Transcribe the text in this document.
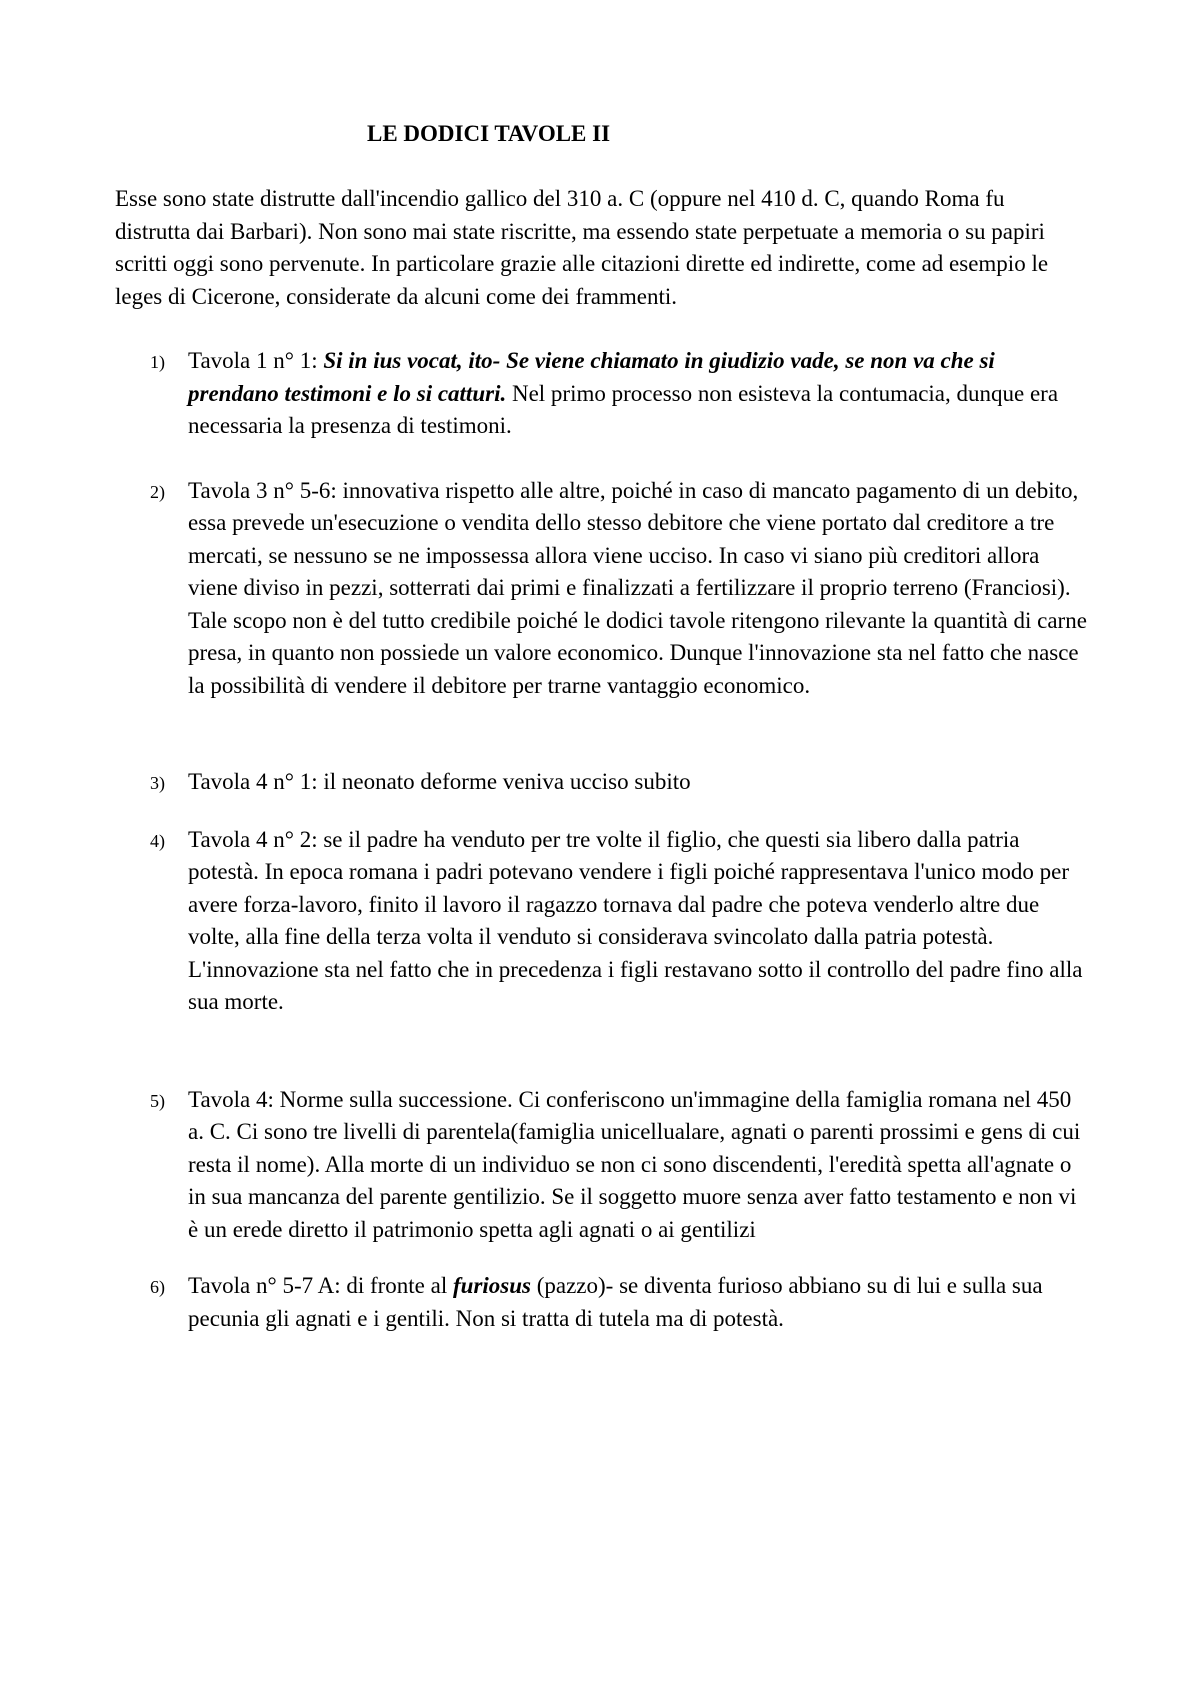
LE DODICI TAVOLE II

Esse sono state distrutte dall'incendio gallico del 310 a. C (oppure nel 410 d. C, quando Roma fu distrutta dai Barbari). Non sono mai state riscritte, ma essendo state perpetuate a memoria o su papiri scritti oggi sono pervenute. In particolare grazie alle citazioni dirette ed indirette, come ad esempio le leges di Cicerone, considerate da alcuni come dei frammenti.

1) Tavola 1 n° 1: Si in ius vocat, ito- Se viene chiamato in giudizio vade, se non va che si prendano testimoni e lo si catturi. Nel primo processo non esisteva la contumacia, dunque era necessaria la presenza di testimoni.
2) Tavola 3 n° 5-6: innovativa rispetto alle altre, poiché in caso di mancato pagamento di un debito, essa prevede un'esecuzione o vendita dello stesso debitore che viene portato dal creditore a tre mercati, se nessuno se ne impossessa allora viene ucciso. In caso vi siano più creditori allora viene diviso in pezzi, sotterrati dai primi e finalizzati a fertilizzare il proprio terreno (Franciosi). Tale scopo non è del tutto credibile poiché le dodici tavole ritengono rilevante la quantità di carne presa, in quanto non possiede un valore economico. Dunque l'innovazione sta nel fatto che nasce la possibilità di vendere il debitore per trarne vantaggio economico.
3) Tavola 4 n° 1: il neonato deforme veniva ucciso subito
4) Tavola 4 n° 2: se il padre ha venduto per tre volte il figlio, che questi sia libero dalla patria potestà. In epoca romana i padri potevano vendere i figli poiché rappresentava l'unico modo per avere forza-lavoro, finito il lavoro il ragazzo tornava dal padre che poteva venderlo altre due volte, alla fine della terza volta il venduto si considerava svincolato dalla patria potestà. L'innovazione sta nel fatto che in precedenza i figli restavano sotto il controllo del padre fino alla sua morte.
5) Tavola 4: Norme sulla successione. Ci conferiscono un'immagine della famiglia romana nel 450 a. C. Ci sono tre livelli di parentela(famiglia unicellualare, agnati o parenti prossimi e gens di cui resta il nome). Alla morte di un individuo se non ci sono discendenti, l'eredità spetta all'agnate o in sua mancanza del parente gentilizio. Se il soggetto muore senza aver fatto testamento e non vi è un erede diretto il patrimonio spetta agli agnati o ai gentilizi
6) Tavola n° 5-7 A: di fronte al furiosus (pazzo)- se diventa furioso abbiano su di lui e sulla sua pecunia gli agnati e i gentili. Non si tratta di tutela ma di potestà.
